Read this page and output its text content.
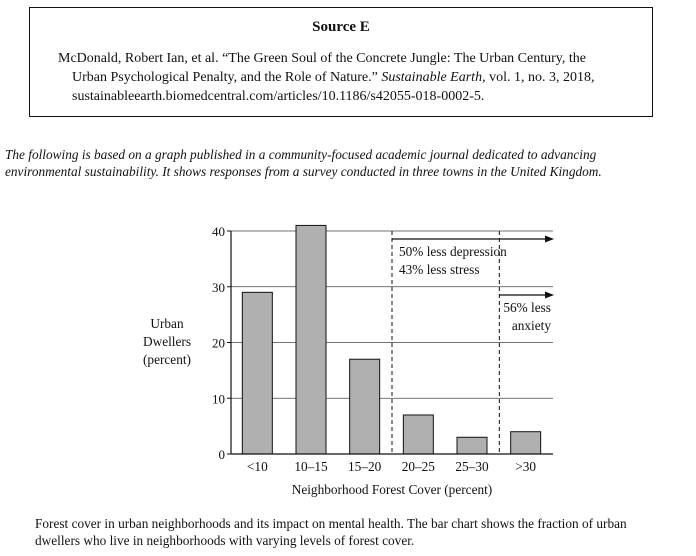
Source E

McDonald, Robert Ian, et al. “The Green Soul of the Concrete Jungle: The Urban Century, the

Urban Psychological Penalty, and the Role of Nature.” Sustainable Earth, vol. 1, no. 3, 2018,

sustainableearth.biomedcentral.com/articles/10.1186/s42055-018-0002-5.

The following is based on a graph published in a community-focused academic journal dedicated to advancing

environmental sustainability. It shows responses from a survey conducted in three towns in the United Kingdom.

50% less depression
43% less stress
56% less
anxiety
0
10
20
30
40
<10 10–15 15–20 20–25 25–30 >30
Urban
Dwellers
(percent)
Neighborhood Forest Cover (percent)

Forest cover in urban neighborhoods and its impact on mental health. The bar chart shows the fraction of urban

dwellers who live in neighborhoods with varying levels of forest cover.
